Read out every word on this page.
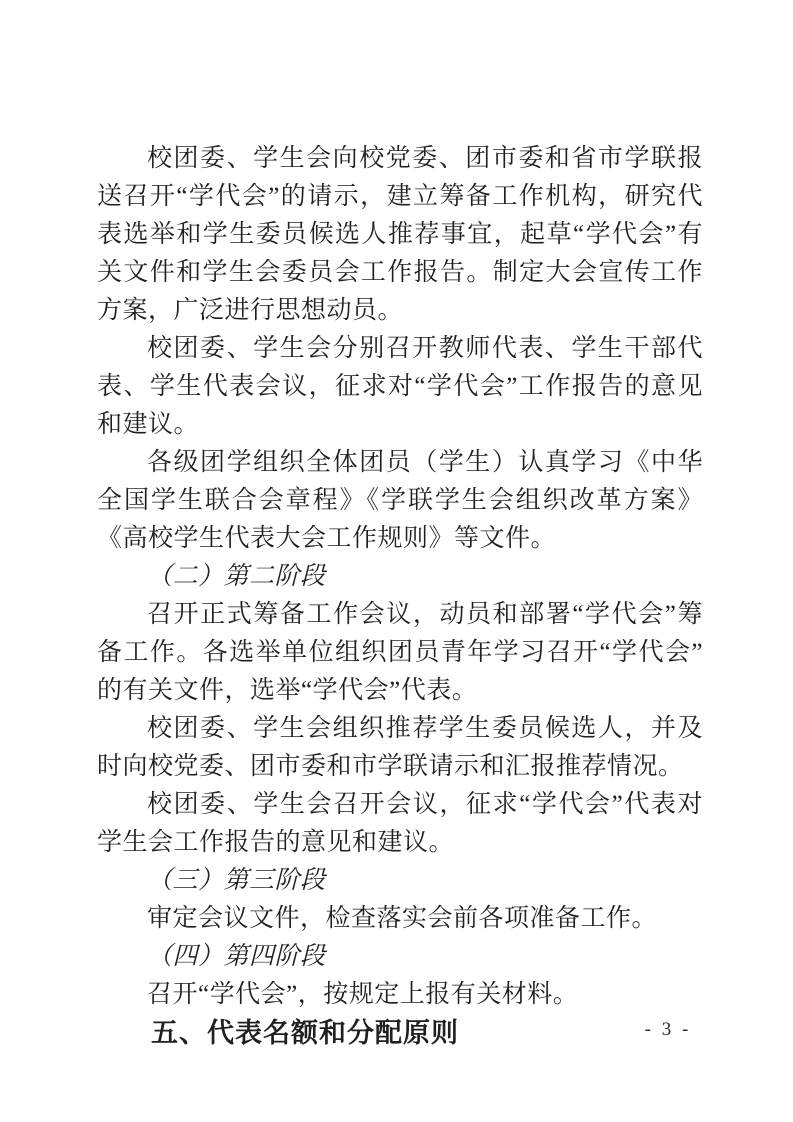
校团委、学生会向校党委、团市委和省市学联报送召开“学代会”的请示，建立筹备工作机构，研究代表选举和学生委员候选人推荐事宜，起草“学代会”有关文件和学生会委员会工作报告。制定大会宣传工作方案，广泛进行思想动员。

校团委、学生会分别召开教师代表、学生干部代表、学生代表会议，征求对“学代会”工作报告的意见和建议。

各级团学组织全体团员（学生）认真学习《中华全国学生联合会章程》《学联学生会组织改革方案》《高校学生代表大会工作规则》等文件。

（二）第二阶段

召开正式筹备工作会议，动员和部署“学代会”筹备工作。各选举单位组织团员青年学习召开“学代会”的有关文件，选举“学代会”代表。

校团委、学生会组织推荐学生委员候选人，并及时向校党委、团市委和市学联请示和汇报推荐情况。

校团委、学生会召开会议，征求“学代会”代表对学生会工作报告的意见和建议。

（三）第三阶段

审定会议文件，检查落实会前各项准备工作。

（四）第四阶段

召开“学代会”，按规定上报有关材料。

五、代表名额和分配原则	- 3 -
